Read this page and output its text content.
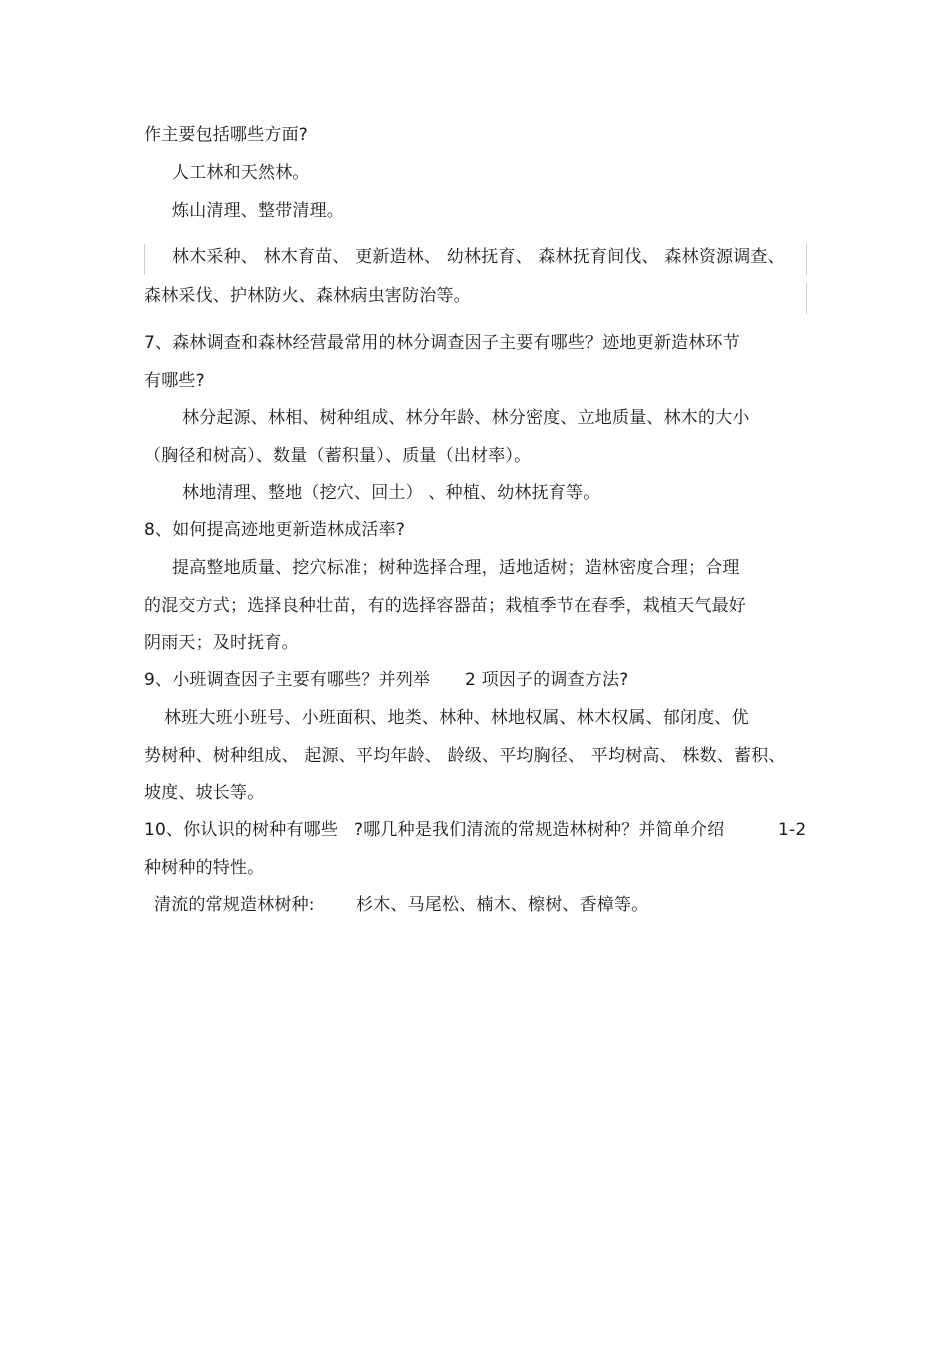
作主要包括哪些方面?
人工林和天然林。
炼山清理、整带清理。
林木采种、 林木育苗、 更新造林、 幼林抚育、 森林抚育间伐、 森林资源调查、
森林采伐、护林防火、森林病虫害防治等。
7、森林调查和森林经营最常用的林分调查因子主要有哪些？迹地更新造林环节
有哪些?
林分起源、林相、树种组成、林分年龄、林分密度、立地质量、林木的大小
（胸径和树高）、数量（蓄积量）、质量（出材率）。
林地清理、整地（挖穴、回土） 、种植、幼林抚育等。
8、如何提高迹地更新造林成活率?
提高整地质量、挖穴标准；树种选择合理，适地适树；造林密度合理；合理
的混交方式；选择良种壮苗，有的选择容器苗；栽植季节在春季，栽植天气最好
阴雨天；及时抚育。
9、小班调查因子主要有哪些？并列举 2 项因子的调查方法?
林班大班小班号、小班面积、地类、林种、林地权属、林木权属、郁闭度、优
势树种、树种组成、 起源、平均年龄、 龄级、平均胸径、 平均树高、 株数、蓄积、
坡度、坡长等。
10、你认识的树种有哪些 ?哪几种是我们清流的常规造林树种？并简单介绍	1-2
种树种的特性。
清流的常规造林树种: 杉木、马尾松、楠木、檫树、香樟等。
